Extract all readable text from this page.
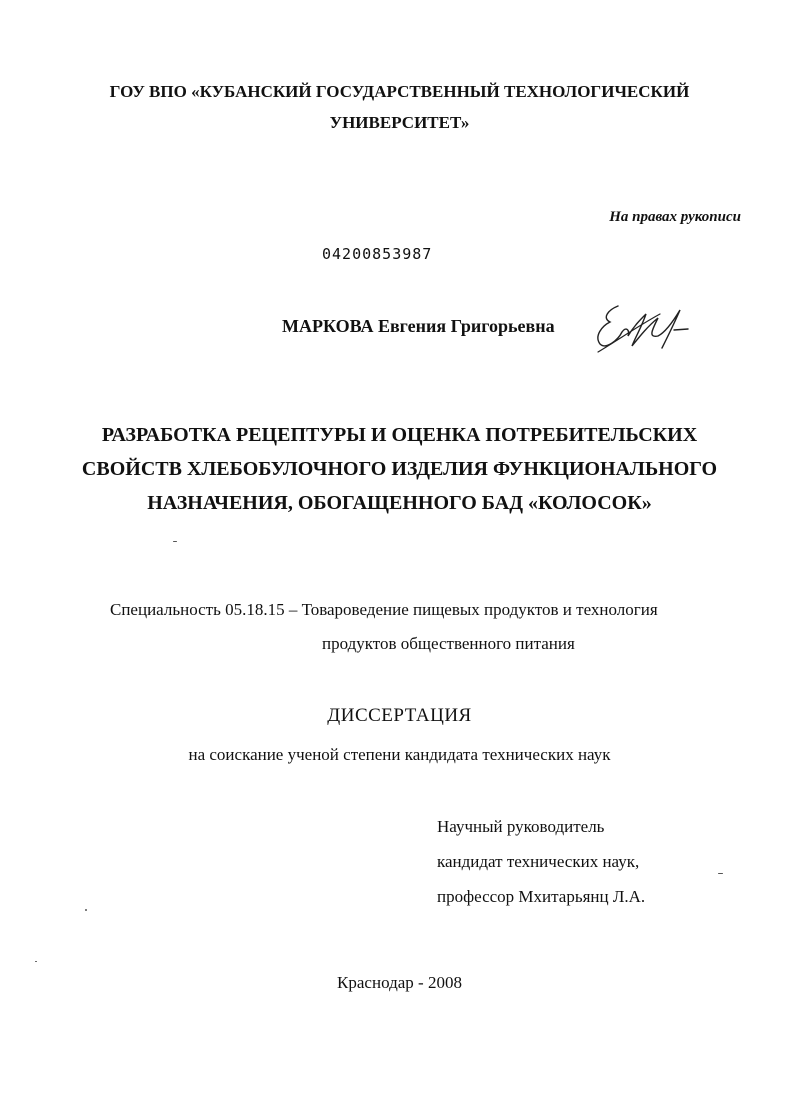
ГОУ ВПО «КУБАНСКИЙ ГОСУДАРСТВЕННЫЙ ТЕХНОЛОГИЧЕСКИЙ
УНИВЕРСИТЕТ»
На правах рукописи
04200853987
МАРКОВА Евгения Григорьевна
РАЗРАБОТКА РЕЦЕПТУРЫ И ОЦЕНКА ПОТРЕБИТЕЛЬСКИХ
СВОЙСТВ ХЛЕБОБУЛОЧНОГО ИЗДЕЛИЯ ФУНКЦИОНАЛЬНОГО
НАЗНАЧЕНИЯ, ОБОГАЩЕННОГО БАД «КОЛОСОК»
Специальность 05.18.15 – Товароведение пищевых продуктов и технология
продуктов общественного питания
ДИССЕРТАЦИЯ
на соискание ученой степени кандидата технических наук
Научный руководитель
кандидат технических наук,
профессор Мхитарьянц Л.А.
Краснодар - 2008
